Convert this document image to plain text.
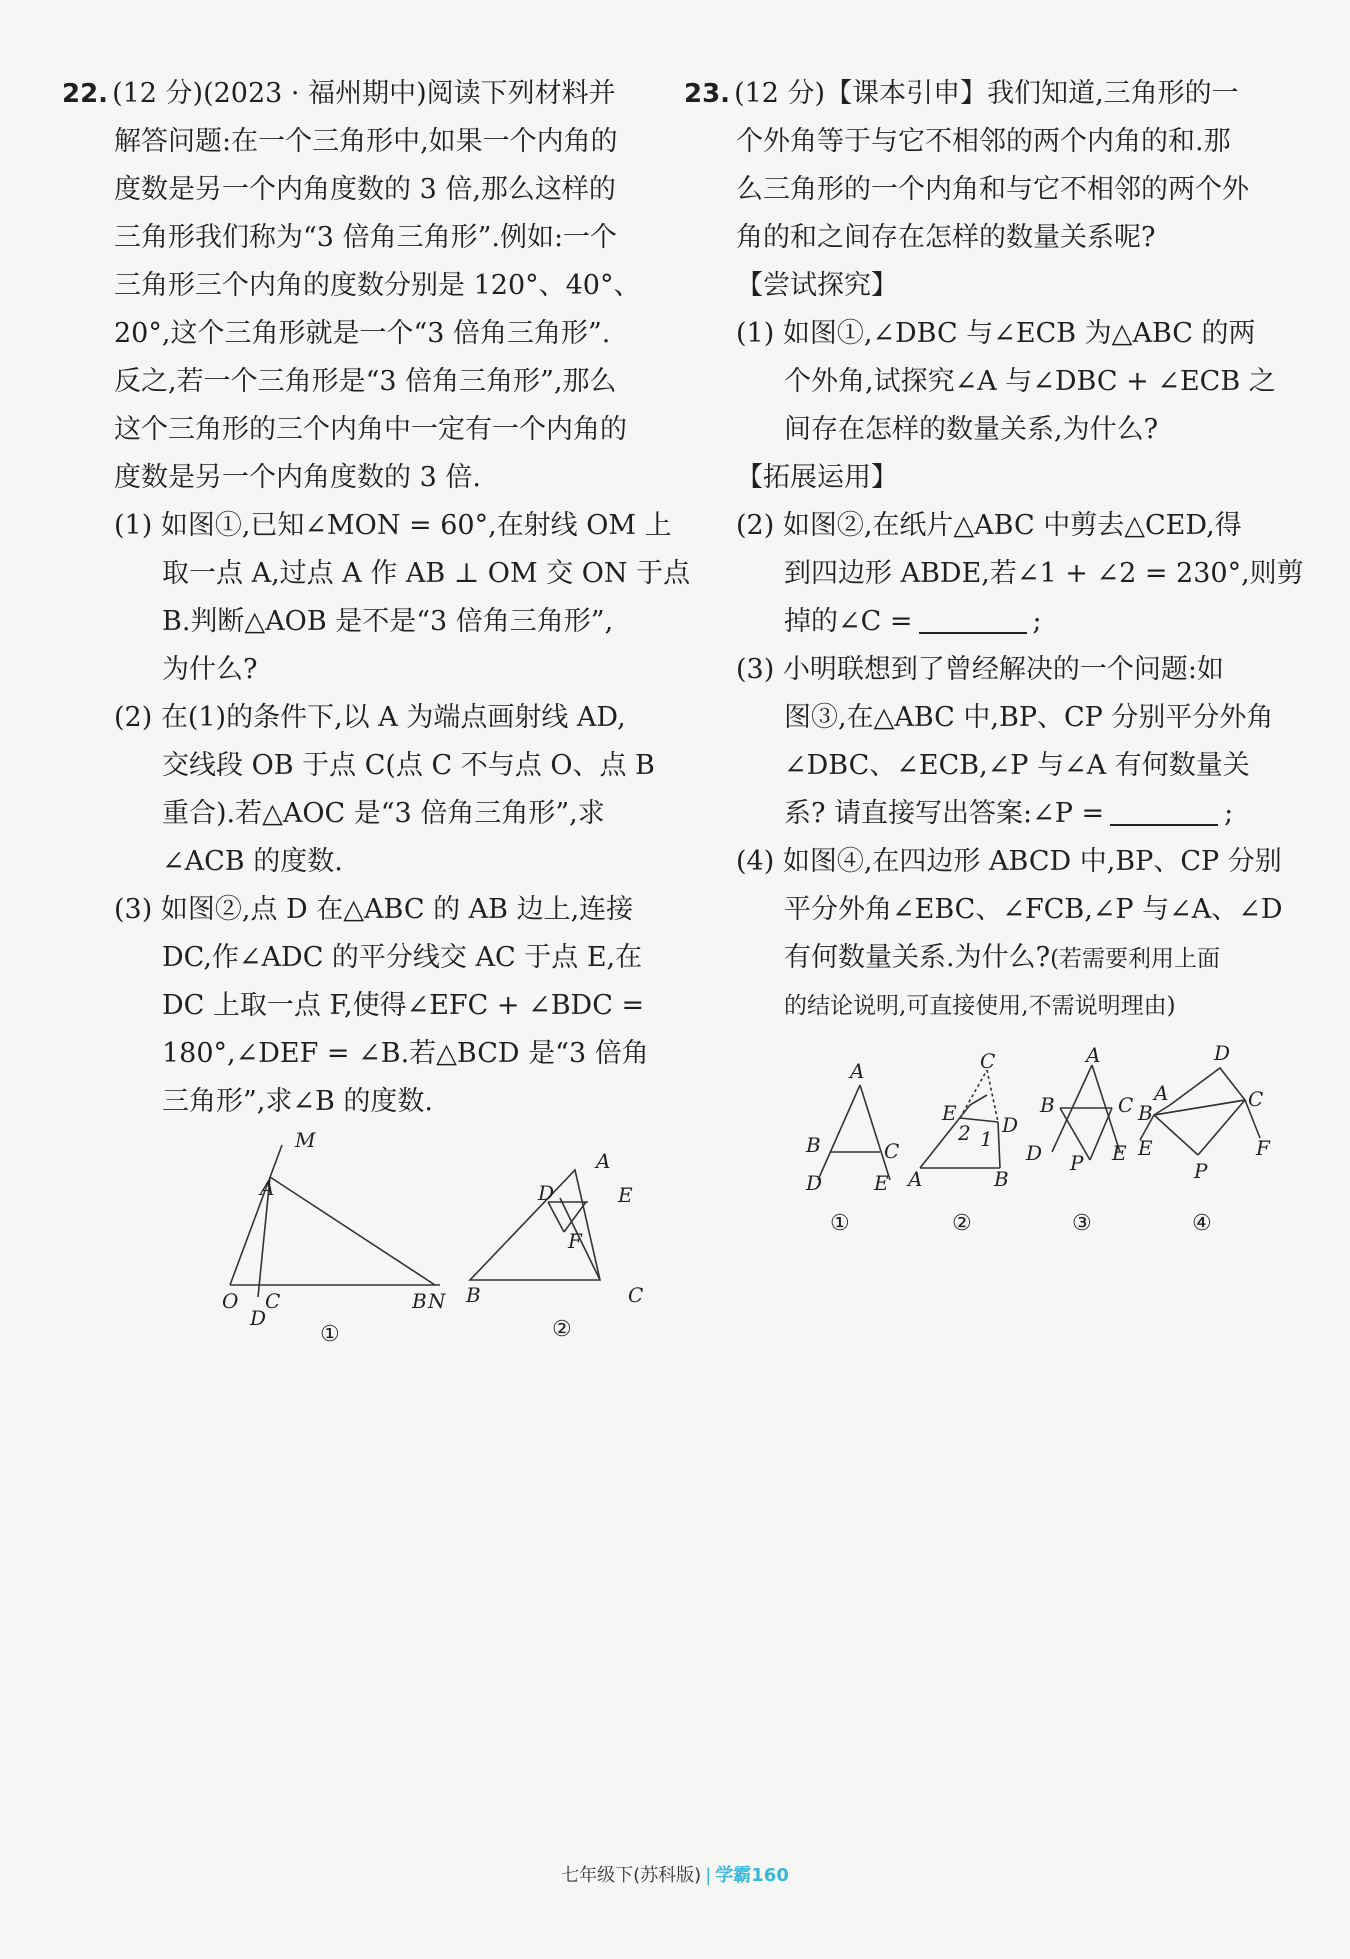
22. (12 分)(2023 · 福州期中)阅读下列材料并
解答问题:在一个三角形中,如果一个内角的
度数是另一个内角度数的 3 倍,那么这样的
三角形我们称为“3 倍角三角形”.例如:一个
三角形三个内角的度数分别是 120°、40°、
20°,这个三角形就是一个“3 倍角三角形”.
反之,若一个三角形是“3 倍角三角形”,那么
这个三角形的三个内角中一定有一个内角的
度数是另一个内角度数的 3 倍.
(1) 如图①,已知∠MON = 60°,在射线 OM 上
取一点 A,过点 A 作 AB ⊥ OM 交 ON 于点
B.判断△AOB 是不是“3 倍角三角形”,
为什么?
(2) 在(1)的条件下,以 A 为端点画射线 AD,
交线段 OB 于点 C(点 C 不与点 O、点 B
重合).若△AOC 是“3 倍角三角形”,求
∠ACB 的度数.
(3) 如图②,点 D 在△ABC 的 AB 边上,连接
DC,作∠ADC 的平分线交 AC 于点 E,在
DC 上取一点 F,使得∠EFC + ∠BDC =
180°,∠DEF = ∠B.若△BCD 是“3 倍角
三角形”,求∠B 的度数.
M
A
O C
D
B N
①
A
D	E
F
B	C
②
23. (12 分)【课本引申】我们知道,三角形的一
个外角等于与它不相邻的两个内角的和.那
么三角形的一个内角和与它不相邻的两个外
角的和之间存在怎样的数量关系呢?
【尝试探究】
(1) 如图①,∠DBC 与∠ECB 为△ABC 的两
个外角,试探究∠A 与∠DBC + ∠ECB 之
间存在怎样的数量关系,为什么?
【拓展运用】
(2) 如图②,在纸片△ABC 中剪去△CED,得
到四边形 ABDE,若∠1 + ∠2 = 230°,则剪
掉的∠C =	;
(3) 小明联想到了曾经解决的一个问题:如
图③,在△ABC 中,BP、CP 分别平分外角
∠DBC、∠ECB,∠P 与∠A 有何数量关
系? 请直接写出答案:∠P =	;
(4) 如图④,在四边形 ABCD 中,BP、CP 分别
平分外角∠EBC、∠FCB,∠P 与∠A、∠D
有何数量关系.为什么?(若需要利用上面
的结论说明,可直接使用,不需说明理由)
A
B	C
D	E
①
C
E D
2 1
A	B
②
A
B	C
D	E
P
③
D
A	C
B
E	F
P
④
七年级下(苏科版) | 学霸160
